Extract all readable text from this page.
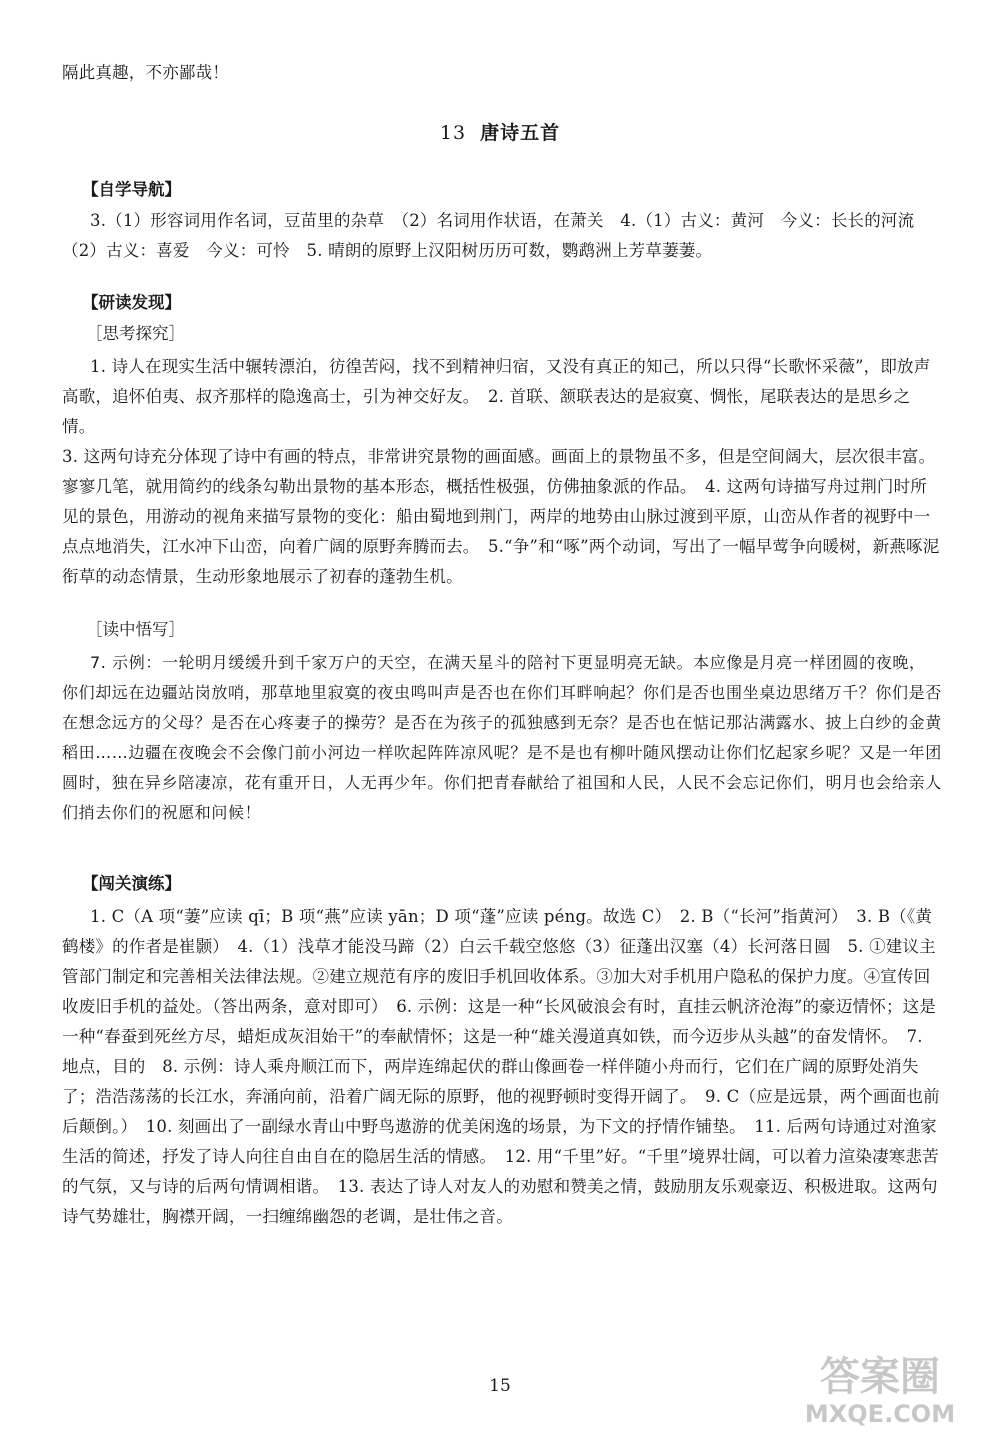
隔此真趣，不亦鄙哉！
13 唐诗五首
【自学导航】
3.（1）形容词用作名词，豆苗里的杂草　（2）名词用作状语，在萧关　4.（1）古义：黄河　今义：长长的河流
（2）古义：喜爱　今义：可怜　5. 晴朗的原野上汉阳树历历可数，鹦鹉洲上芳草萋萋。
【研读发现】
［思考探究］
1. 诗人在现实生活中辗转漂泊，彷徨苦闷，找不到精神归宿，又没有真正的知己，所以只得“长歌怀采薇”，即放声高歌，追怀伯夷、叔齐那样的隐逸高士，引为神交好友。　2. 首联、颔联表达的是寂寞、惆怅，尾联表达的是思乡之情。
3. 这两句诗充分体现了诗中有画的特点，非常讲究景物的画面感。画面上的景物虽不多，但是空间阔大，层次很丰富。寥寥几笔，就用简约的线条勾勒出景物的基本形态，概括性极强，仿佛抽象派的作品。　4. 这两句诗描写舟过荆门时所见的景色，用游动的视角来描写景物的变化：船由蜀地到荆门，两岸的地势由山脉过渡到平原，山峦从作者的视野中一点点地消失，江水冲下山峦，向着广阔的原野奔腾而去。　5.“争”和“啄”两个动词，写出了一幅早莺争向暖树，新燕啄泥衔草的动态情景，生动形象地展示了初春的蓬勃生机。
［读中悟写］
7. 示例：一轮明月缓缓升到千家万户的天空，在满天星斗的陪衬下更显明亮无缺。本应像是月亮一样团圆的夜晚，你们却远在边疆站岗放哨，那草地里寂寞的夜虫鸣叫声是否也在你们耳畔响起？你们是否也围坐桌边思绪万千？你们是否在想念远方的父母？是否在心疼妻子的操劳？是否在为孩子的孤独感到无奈？是否也在惦记那沾满露水、披上白纱的金黄稻田……边疆在夜晚会不会像门前小河边一样吹起阵阵凉风呢？是不是也有柳叶随风摆动让你们忆起家乡呢？又是一年团圆时，独在异乡陪凄凉，花有重开日，人无再少年。你们把青春献给了祖国和人民，人民不会忘记你们，明月也会给亲人们捎去你们的祝愿和问候！
【闯关演练】
1. C（A 项“萋”应读 qī；B 项“燕”应读 yān；D 项“蓬”应读 péng。故选 C）　2. B（“长河”指黄河）　3. B（《黄鹤楼》的作者是崔颢）　4.（1）浅草才能没马蹄（2）白云千载空悠悠（3）征蓬出汉塞（4）长河落日圆　5. ①建议主管部门制定和完善相关法律法规。②建立规范有序的废旧手机回收体系。③加大对手机用户隐私的保护力度。④宣传回收废旧手机的益处。（答出两条，意对即可）　6. 示例：这是一种“长风破浪会有时，直挂云帆济沧海”的豪迈情怀；这是一种“春蚕到死丝方尽，蜡炬成灰泪始干”的奉献情怀；这是一种“雄关漫道真如铁，而今迈步从头越”的奋发情怀。　7. 地点，目的　8. 示例：诗人乘舟顺江而下，两岸连绵起伏的群山像画卷一样伴随小舟而行，它们在广阔的原野处消失了；浩浩荡荡的长江水，奔涌向前，沿着广阔无际的原野，他的视野顿时变得开阔了。　9. C（应是远景，两个画面也前后颠倒。）　10. 刻画出了一副绿水青山中野鸟遨游的优美闲逸的场景，为下文的抒情作铺垫。　11. 后两句诗通过对渔家生活的简述，抒发了诗人向往自由自在的隐居生活的情感。　12. 用“千里”好。“千里”境界壮阔，可以着力渲染凄寒悲苦的气氛，又与诗的后两句情调相谐。　13. 表达了诗人对友人的劝慰和赞美之情，鼓励朋友乐观豪迈、积极进取。这两句诗气势雄壮，胸襟开阔，一扫缠绵幽怨的老调，是壮伟之音。
15	答案圈
MXQE.COM
